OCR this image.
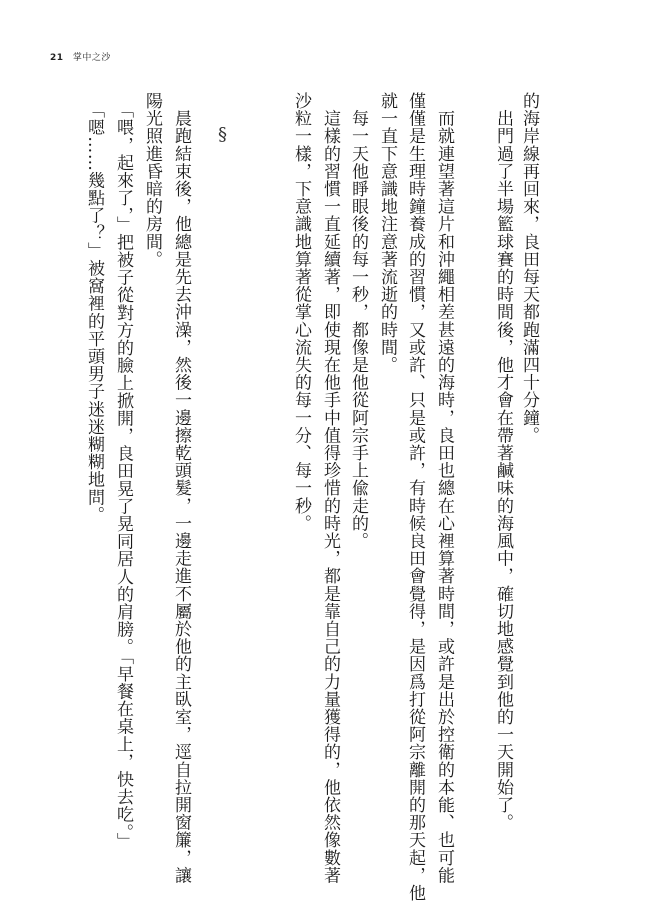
21 掌中之沙
的海岸線再回來，良田每天都跑滿四十分鐘。
　出門過了半場籃球賽的時間後，他才會在帶著鹹味的海風中，確切地感覺到他的一天開始了。
　而就連望著這片和沖繩相差甚遠的海時，良田也總在心裡算著時間，或許是出於控衛的本能、也可能
僅僅是生理時鐘養成的習慣，又或許、只是或許，有時候良田會覺得，是因爲打從阿宗離開的那天起，他
就一直下意識地注意著流逝的時間。
　每一天他睜眼後的每一秒，都像是他從阿宗手上偸走的。
　這樣的習慣一直延續著，即使現在他手中值得珍惜的時光，都是靠自己的力量獲得的，他依然像數著
沙粒一樣，下意識地算著從掌心流失的每一分、每一秒。
§
　晨跑結束後，他總是先去沖澡，然後一邊擦乾頭髮，一邊走進不屬於他的主臥室，逕自拉開窗簾，讓
陽光照進昏暗的房間。
　「喂，起來了，」把被子從對方的臉上掀開，良田晃了晃同居人的肩膀。「早餐在桌上，快去吃。」
　「嗯……幾點了？」被窩裡的平頭男子迷迷糊糊地問。
